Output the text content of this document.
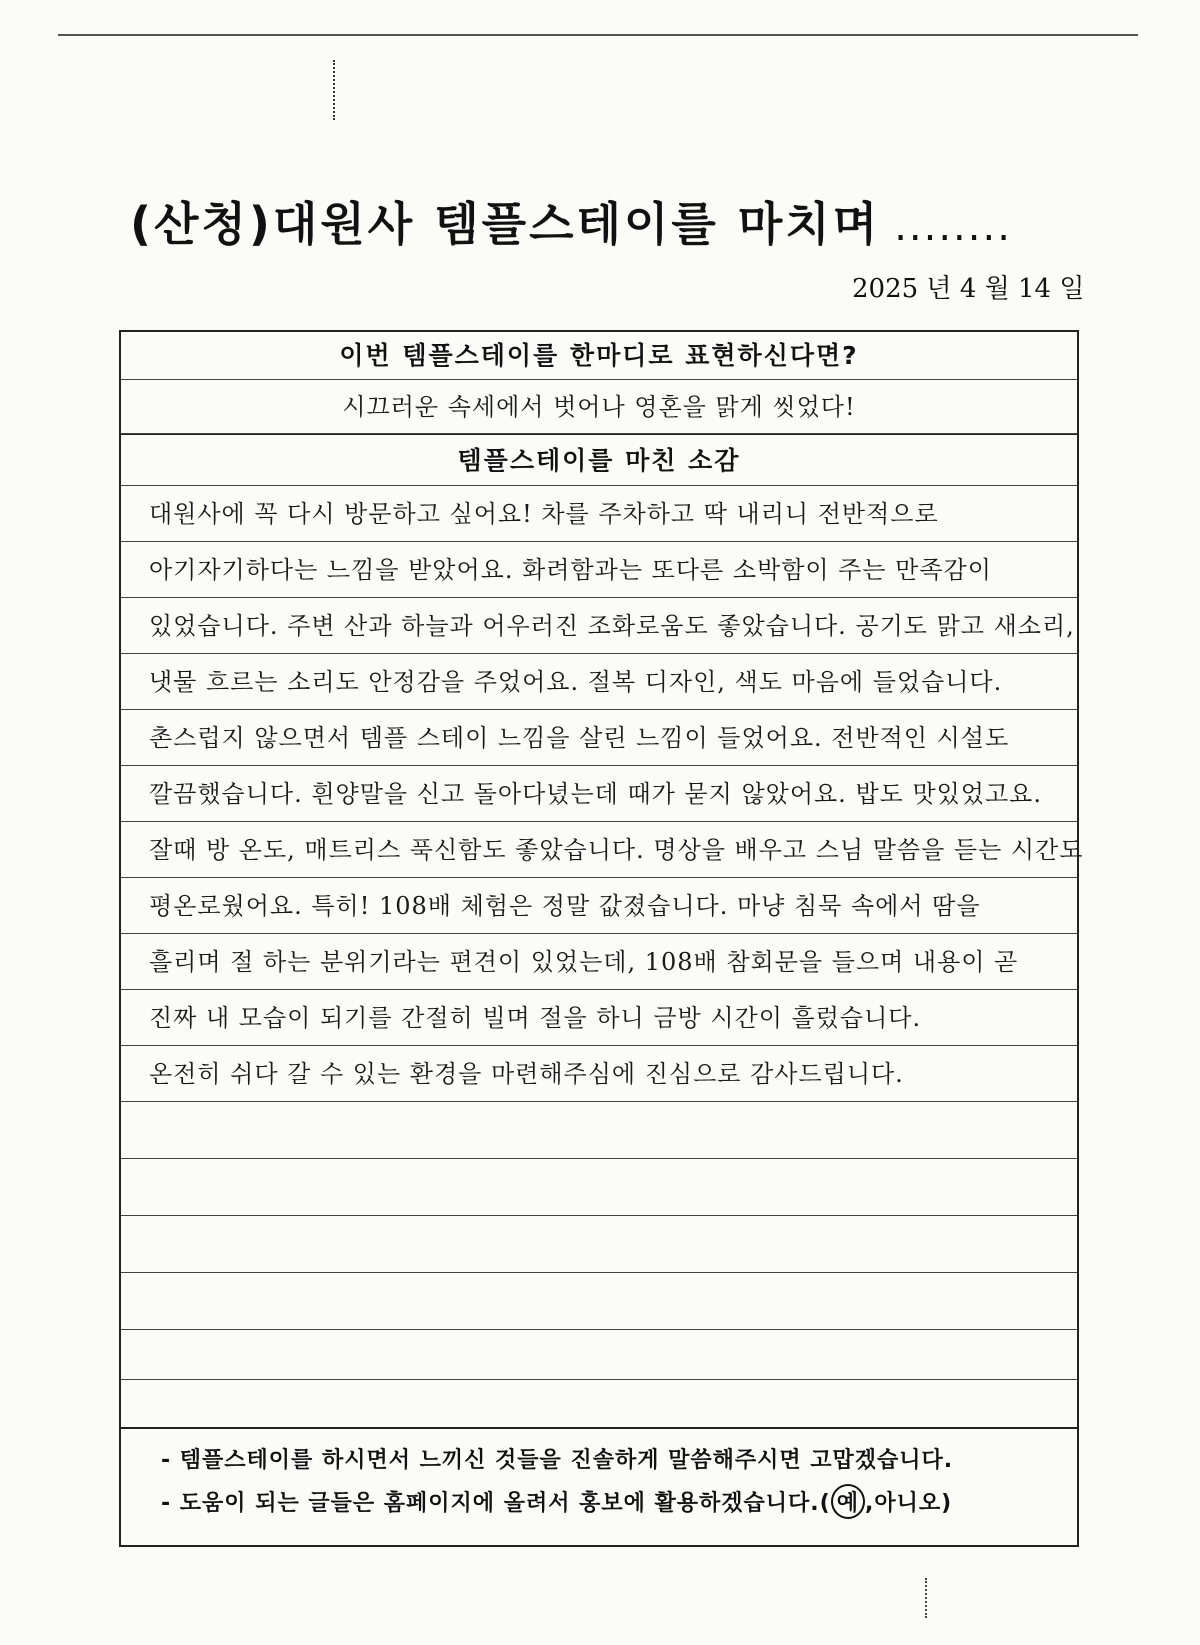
(산청)대원사 템플스테이를 마치며 ........
2025 년 4 월 14 일
이번 템플스테이를 한마디로 표현하신다면?
시끄러운 속세에서 벗어나 영혼을 맑게 씻었다!
템플스테이를 마친 소감
대원사에 꼭 다시 방문하고 싶어요! 차를 주차하고 딱 내리니 전반적으로
아기자기하다는 느낌을 받았어요. 화려함과는 또다른 소박함이 주는 만족감이
있었습니다. 주변 산과 하늘과 어우러진 조화로움도 좋았습니다. 공기도 맑고 새소리,
냇물 흐르는 소리도 안정감을 주었어요. 절복 디자인, 색도 마음에 들었습니다.
촌스럽지 않으면서 템플 스테이 느낌을 살린 느낌이 들었어요. 전반적인 시설도
깔끔했습니다. 흰양말을 신고 돌아다녔는데 때가 묻지 않았어요. 밥도 맛있었고요.
잘때 방 온도, 매트리스 푹신함도 좋았습니다. 명상을 배우고 스님 말씀을 듣는 시간도
평온로웠어요. 특히! 108배 체험은 정말 값졌습니다. 마냥 침묵 속에서 땀을
흘리며 절 하는 분위기라는 편견이 있었는데, 108배 참회문을 들으며 내용이 곧
진짜 내 모습이 되기를 간절히 빌며 절을 하니 금방 시간이 흘렀습니다.
온전히 쉬다 갈 수 있는 환경을 마련해주심에 진심으로 감사드립니다.

- 템플스테이를 하시면서 느끼신 것들을 진솔하게 말씀해주시면 고맙겠습니다.

- 도움이 되는 글들은 홈페이지에 올려서 홍보에 활용하겠습니다.( 예 ,아니오)
